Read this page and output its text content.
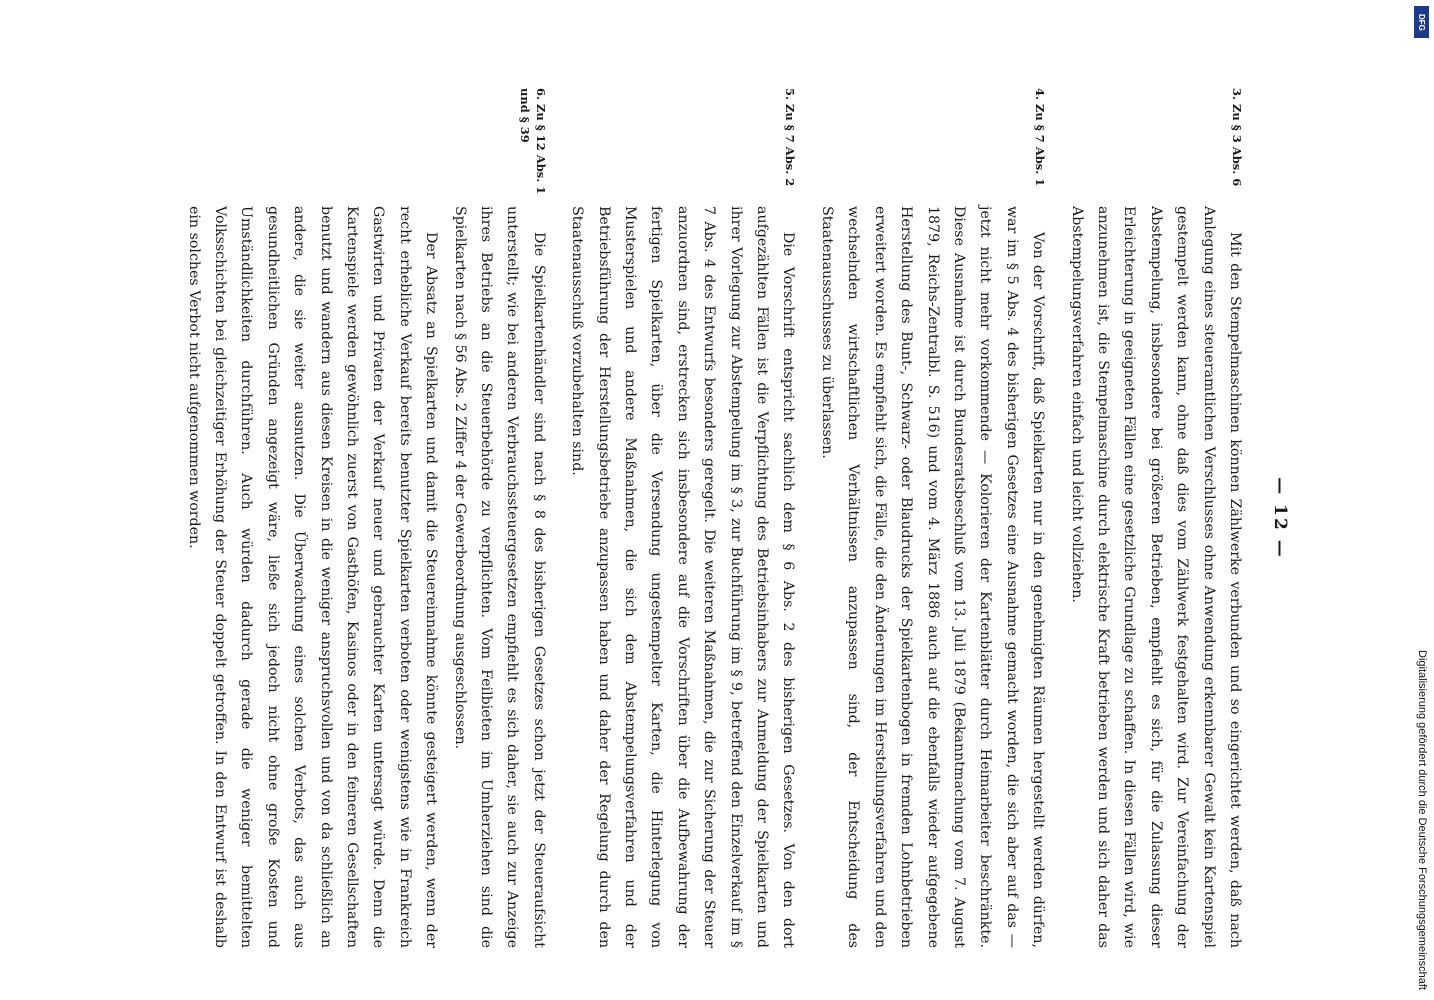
— 12 —
3. Zu § 3 Abs. 6

Mit den Stempelmaschinen können Zählwerke verbunden und so eingerichtet werden, daß nach Anlegung eines steueramtlichen Verschlusses ohne Anwendung erkennbarer Gewalt kein Kartenspiel gestempelt werden kann, ohne daß dies vom Zählwerk festgehalten wird. Zur Vereinfachung der Abstempelung, insbesondere bei größeren Betrieben, empfiehlt es sich, für die Zulassung dieser Erleichterung in geeigneten Fällen eine gesetzliche Grundlage zu schaffen. In diesen Fällen wird, wie anzunehmen ist, die Stempelmaschine durch elektrische Kraft betrieben werden und sich daher das Abstempelungsverfahren einfach und leicht vollziehen.

4. Zu § 7 Abs. 1

Von der Vorschrift, daß Spielkarten nur in den genehmigten Räumen hergestellt werden dürfen, war im § 5 Abs. 4 des bisherigen Gesetzes eine Ausnahme gemacht worden, die sich aber auf das — jetzt nicht mehr vorkommende — Kolorieren der Kartenblätter durch Heimarbeiter beschränkte. Diese Ausnahme ist durch Bundesratsbeschluß vom 13. Juli 1879 (Bekanntmachung vom 7. August 1879, Reichs-Zentralbl. S. 516) und vom 4. März 1886 auch auf die ebenfalls wieder aufgegebene Herstellung des Bunt-, Schwarz- oder Blaudrucks der Spielkartenbogen in fremden Lohnbetrieben erweitert worden. Es empfiehlt sich, die Fälle, die den Änderungen im Herstellungsverfahren und den wechselnden wirtschaftlichen Verhältnissen anzupassen sind, der Entscheidung des Staatenausschusses zu überlassen.

5. Zu § 7 Abs. 2

Die Vorschrift entspricht sachlich dem § 6 Abs. 2 des bisherigen Gesetzes. Von den dort aufgezählten Fällen ist die Verpflichtung des Betriebsinhabers zur Anmeldung der Spielkarten und ihrer Vorlegung zur Abstempelung im § 3, zur Buchführung im § 9, betreffend den Einzelverkauf im § 7 Abs. 4 des Entwurfs besonders geregelt. Die weiteren Maßnahmen, die zur Sicherung der Steuer anzuordnen sind, erstrecken sich insbesondere auf die Vorschriften über die Aufbewahrung der fertigen Spielkarten, über die Versendung ungestempelter Karten, die Hinterlegung von Musterspielen und andere Maßnahmen, die sich dem Abstempelungsverfahren und der Betriebsführung der Herstellungsbetriebe anzupassen haben und daher der Regelung durch den Staatenausschuß vorzubehalten sind.

6. Zu § 12 Abs. 1
und § 39

Die Spielkartenhändler sind nach § 8 des bisherigen Gesetzes schon jetzt der Steueraufsicht unterstellt; wie bei anderen Verbrauchssteuergesetzen empfiehlt es sich daher, sie auch zur Anzeige ihres Betriebs an die Steuerbehörde zu verpflichten. Vom Feilbieten im Umherziehen sind die Spielkarten nach § 56 Abs. 2 Ziffer 4 der Gewerbeordnung ausgeschlossen.

Der Absatz an Spielkarten und damit die Steuereinnahme könnte gesteigert werden, wenn der recht erhebliche Verkauf bereits benutzter Spielkarten verboten oder wenigstens wie in Frankreich Gastwirten und Privaten der Verkauf neuer und gebrauchter Karten untersagt würde. Denn die Kartenspiele werden gewöhnlich zuerst von Gasthöfen, Kasinos oder in den feineren Gesellschaften benutzt und wandern aus diesen Kreisen in die weniger anspruchsvollen und von da schließlich an andere, die sie weiter ausnutzen. Die Überwachung eines solchen Verbots, das auch aus gesundheitlichen Gründen angezeigt wäre, ließe sich jedoch nicht ohne große Kosten und Umständlichkeiten durchführen. Auch würden dadurch gerade die weniger bemittelten Volksschichten bei gleichzeitiger Erhöhung der Steuer doppelt getroffen. In den Entwurf ist deshalb ein solches Verbot nicht aufgenommen worden.

DFG
Digitalisierung gefördert durch die Deutsche Forschungsgemeinschaft
